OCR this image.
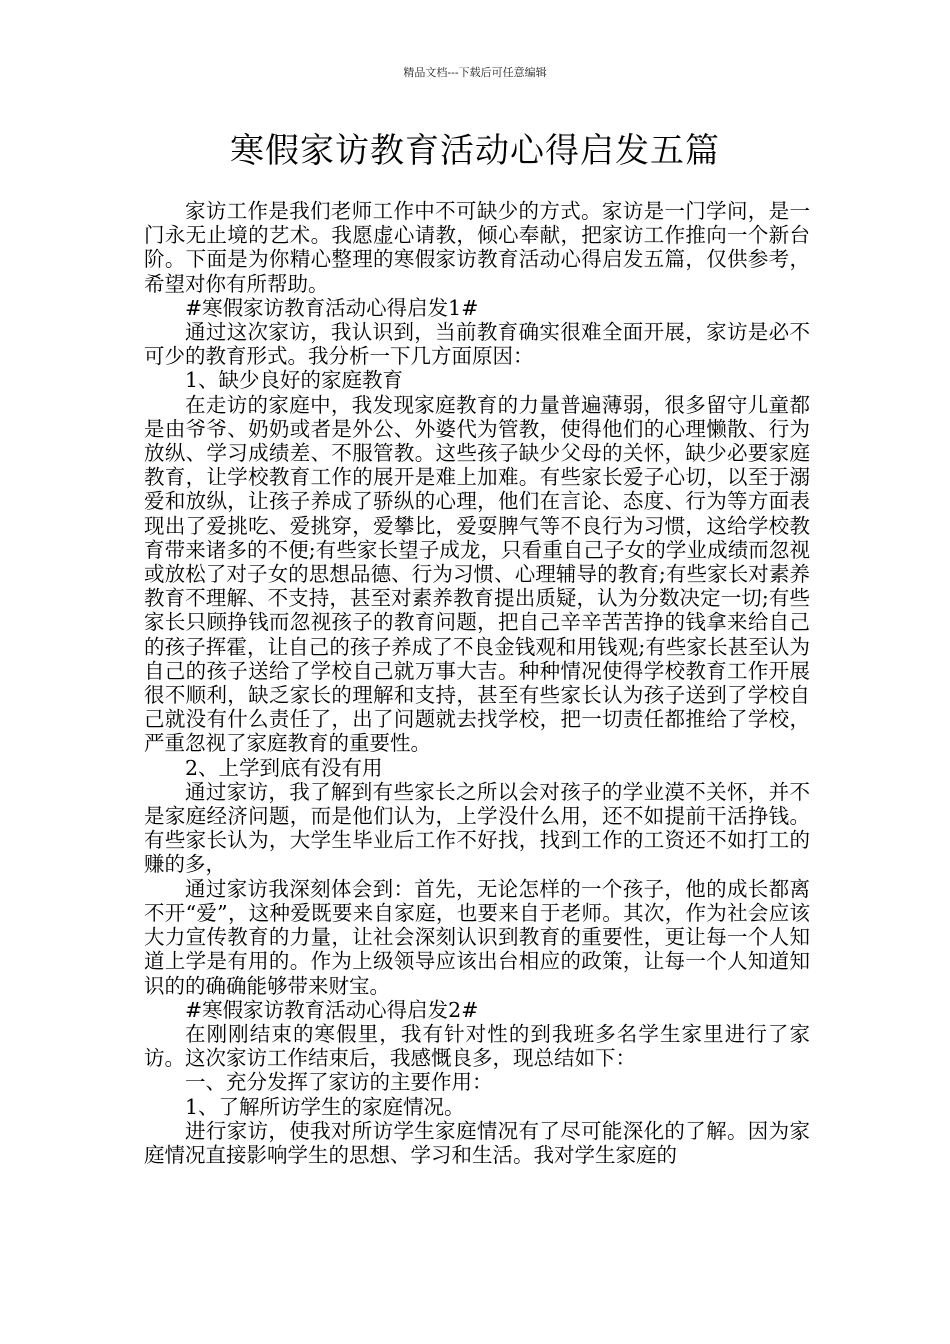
精品文档---下载后可任意编辑
寒假家访教育活动心得启发五篇

家访工作是我们老师工作中不可缺少的方式。家访是一门学问，是一门永无止境的艺术。我愿虚心请教，倾心奉献，把家访工作推向一个新台阶。下面是为你精心整理的寒假家访教育活动心得启发五篇，仅供参考，希望对你有所帮助。

#寒假家访教育活动心得启发1#

通过这次家访，我认识到，当前教育确实很难全面开展，家访是必不可少的教育形式。我分析一下几方面原因：

1、缺少良好的家庭教育

在走访的家庭中，我发现家庭教育的力量普遍薄弱，很多留守儿童都是由爷爷、奶奶或者是外公、外婆代为管教，使得他们的心理懒散、行为放纵、学习成绩差、不服管教。这些孩子缺少父母的关怀，缺少必要家庭教育，让学校教育工作的展开是难上加难。有些家长爱子心切，以至于溺爱和放纵，让孩子养成了骄纵的心理，他们在言论、态度、行为等方面表现出了爱挑吃、爱挑穿，爱攀比，爱耍脾气等不良行为习惯，这给学校教育带来诸多的不便;有些家长望子成龙，只看重自己子女的学业成绩而忽视或放松了对子女的思想品德、行为习惯、心理辅导的教育;有些家长对素养教育不理解、不支持，甚至对素养教育提出质疑，认为分数决定一切;有些家长只顾挣钱而忽视孩子的教育问题，把自己辛辛苦苦挣的钱拿来给自己的孩子挥霍，让自己的孩子养成了不良金钱观和用钱观;有些家长甚至认为自己的孩子送给了学校自己就万事大吉。种种情况使得学校教育工作开展很不顺利，缺乏家长的理解和支持，甚至有些家长认为孩子送到了学校自己就没有什么责任了，出了问题就去找学校，把一切责任都推给了学校，严重忽视了家庭教育的重要性。

2、上学到底有没有用

通过家访，我了解到有些家长之所以会对孩子的学业漠不关怀，并不是家庭经济问题，而是他们认为，上学没什么用，还不如提前干活挣钱。有些家长认为，大学生毕业后工作不好找，找到工作的工资还不如打工的赚的多，

通过家访我深刻体会到：首先，无论怎样的一个孩子，他的成长都离不开“爱”，这种爱既要来自家庭，也要来自于老师。其次，作为社会应该大力宣传教育的力量，让社会深刻认识到教育的重要性，更让每一个人知道上学是有用的。作为上级领导应该出台相应的政策，让每一个人知道知识的的确确能够带来财宝。

#寒假家访教育活动心得启发2#

在刚刚结束的寒假里，我有针对性的到我班多名学生家里进行了家访。这次家访工作结束后，我感慨良多，现总结如下：

一、充分发挥了家访的主要作用：

1、了解所访学生的家庭情况。

进行家访，使我对所访学生家庭情况有了尽可能深化的了解。因为家庭情况直接影响学生的思想、学习和生活。我对学生家庭的
